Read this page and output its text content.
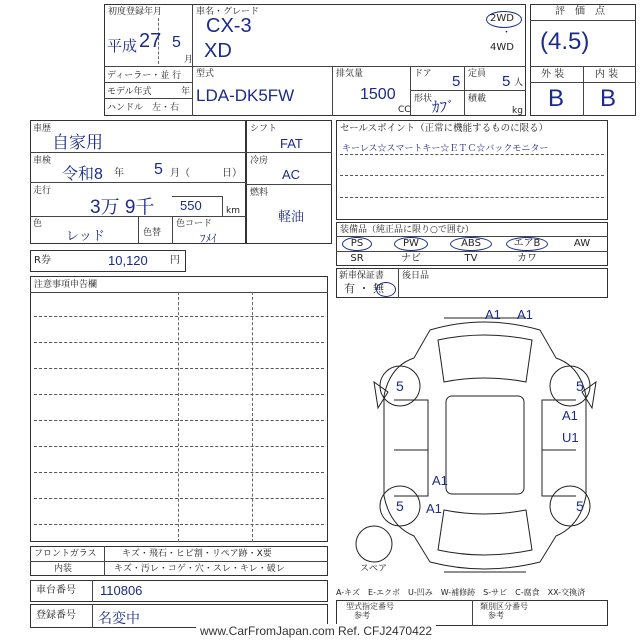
初度登録年月
平成 27 5
月
車名・グレード
CX-3
XD
2WD
・
4WD
ディーラー・並 行
モデル年式	年
ハンドル　左・右
型式
LDA-DK5FW
排気量
1500
CC
ドア 5 定員 5 人
形状 ｶﾌﾞ 積載
kg
評　価　点
(4.5)
外 装	内 装
B B
車歴
自家用
車検
令和8 年 5 月（	日）
走行
3万 9千 550	km
色
レッド	色替
色コード
ﾌﾒｲ
シフト
FAT
冷房
AC
燃料
軽油
R券	10,120 円
セールスポイント（正常に機能するものに限る）
キーレス☆スマートキー☆ＥＴＣ☆バックモニター
装備品（純正品に限り○で囲む）
PS	PW	ABS	エアB	AW
SR	ナビ	TV	カワ
新車保証書
有 ・ 無
後日品
注意事項申告欄
A1 A1
5	5
A1
U1
A1
A1
5	5
スペア
フロントガラス	キズ・飛石・ヒビ割・リペア跡・X要
内装	キズ・汚レ・コゲ・穴・スレ・キレ・破レ
車台番号 110806
登録番号 名変中
A-キズ　E-エクボ　U-凹み　W-補修跡　S-サビ　C-腐食　XX-交換済
型式指定番号
参考
類別区分番号
参考
www.CarFromJapan.com Ref. CFJ2470422
